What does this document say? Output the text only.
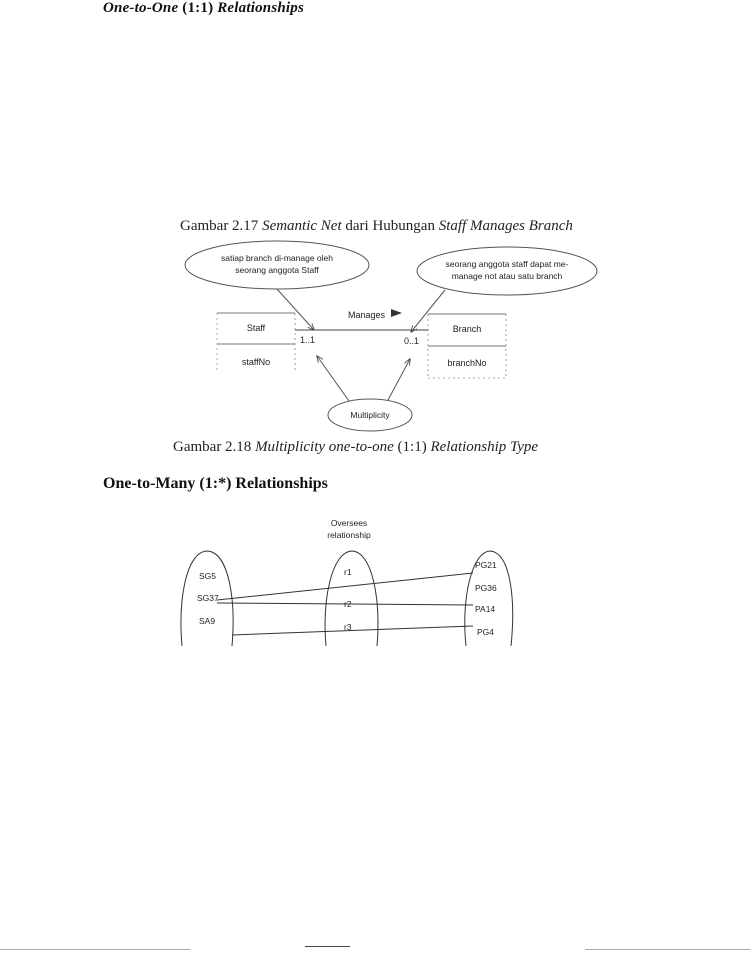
One-to-One (1:1) Relationships
Gambar 2.17 Semantic Net dari Hubungan Staff Manages Branch
satiap branch di-manage oleh
seorang anggota Staff
seorang anggota staff dapat me-
manage not atau satu branch
Staff
staffNo
Branch
branchNo
Manages
1..1	0..1
Multiplicity
Oversees
relationship
SG5
SG37
SA9
r1
r3
PG21
PG36
PA14
PG4
Gambar 2.18 Multiplicity one-to-one (1:1) Relationship Type
One-to-Many (1:*) Relationships
